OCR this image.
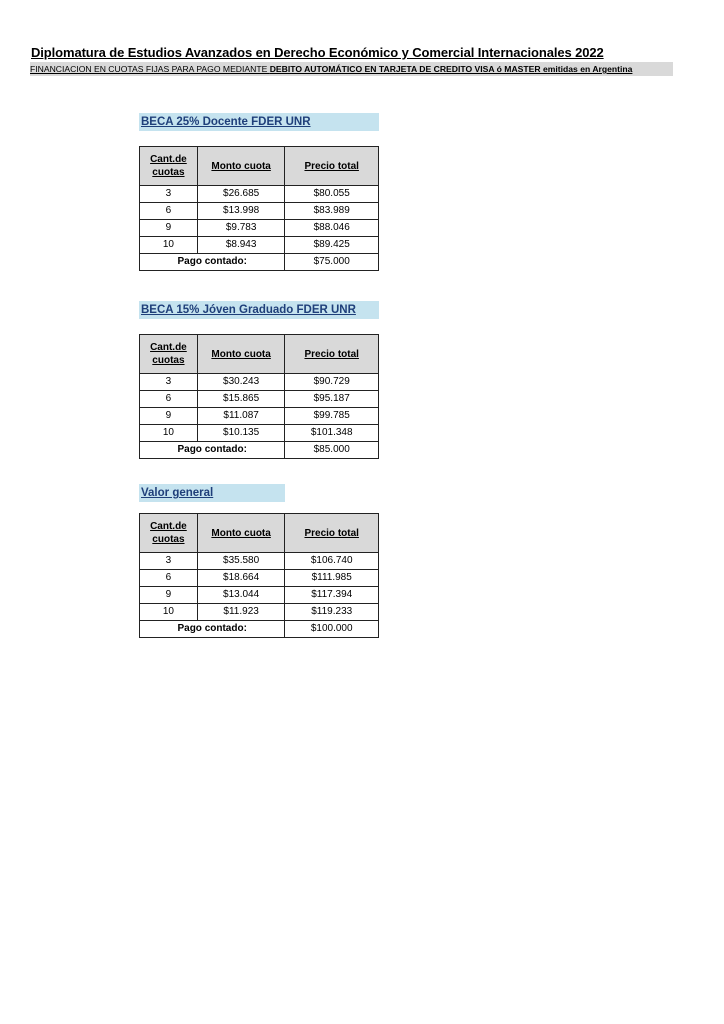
Diplomatura de Estudios Avanzados en Derecho Económico y Comercial Internacionales 2022
FINANCIACION EN CUOTAS FIJAS PARA PAGO MEDIANTE DEBITO AUTOMÁTICO EN TARJETA DE CREDITO VISA ó MASTER emitidas en Argentina
BECA 25% Docente FDER UNR
Cant.de cuotas	Monto cuota	Precio total
3	$26.685	$80.055
6	$13.998	$83.989
9	$9.783	$88.046
10	$8.943	$89.425
Pago contado:		$75.000
BECA 15% Jóven Graduado FDER UNR
Cant.de cuotas	Monto cuota	Precio total
3	$30.243	$90.729
6	$15.865	$95.187
9	$11.087	$99.785
10	$10.135	$101.348
Pago contado:		$85.000
Valor general
Cant.de cuotas	Monto cuota	Precio total
3	$35.580	$106.740
6	$18.664	$111.985
9	$13.044	$117.394
10	$11.923	$119.233
Pago contado:		$100.000
